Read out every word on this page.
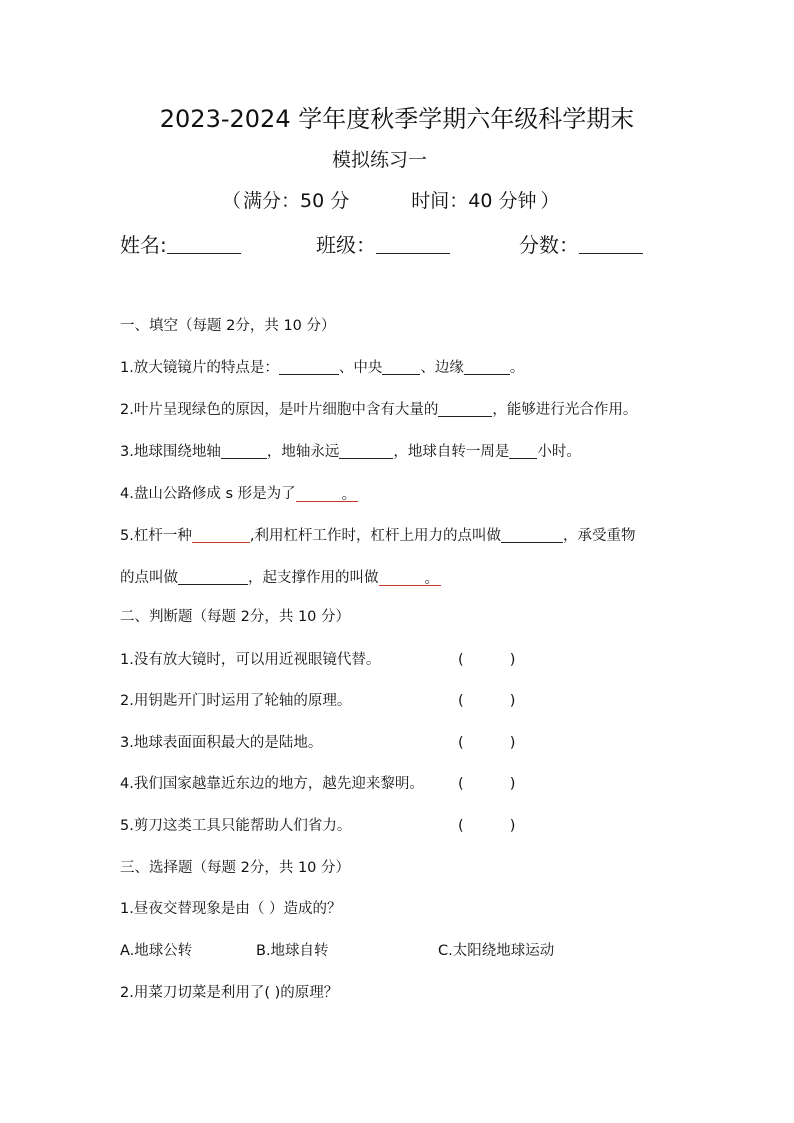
2023-2024 学年度秋季学期六年级科学期末
模拟练习一
（ 满分：50 分	时间：40 分钟 ）
姓名:	班级：	分数：
一、填空（每题 2分，共 10 分）
1.放大镜镜片的特点是：	、中央	、边缘	。
2.叶片呈现绿色的原因，是叶片细胞中含有大量的	，能够进行光合作用。
3.地球围绕地轴	，地轴永远	，地球自转一周是 小时。
4.盘山公路修成 s 形是为了	。
5.杠杆一种	,利用杠杆工作时，杠杆上用力的点叫做	，承受重物
的点叫做	，起支撑作用的叫做	。
二、判断题（每题 2分，共 10 分）
1.没有放大镜时，可以用近视眼镜代替。	(          )
2.用钥匙开门时运用了轮轴的原理。	(          )
3.地球表面面积最大的是陆地。	(          )
4.我们国家越靠近东边的地方，越先迎来黎明。 (          )
5.剪刀这类工具只能帮助人们省力。	(          )
三、选择题（每题 2分，共 10 分）
1.昼夜交替现象是由（ ）造成的？
A.地球公转	B.地球自转	C.太阳绕地球运动
2.用菜刀切菜是利用了( )的原理？
